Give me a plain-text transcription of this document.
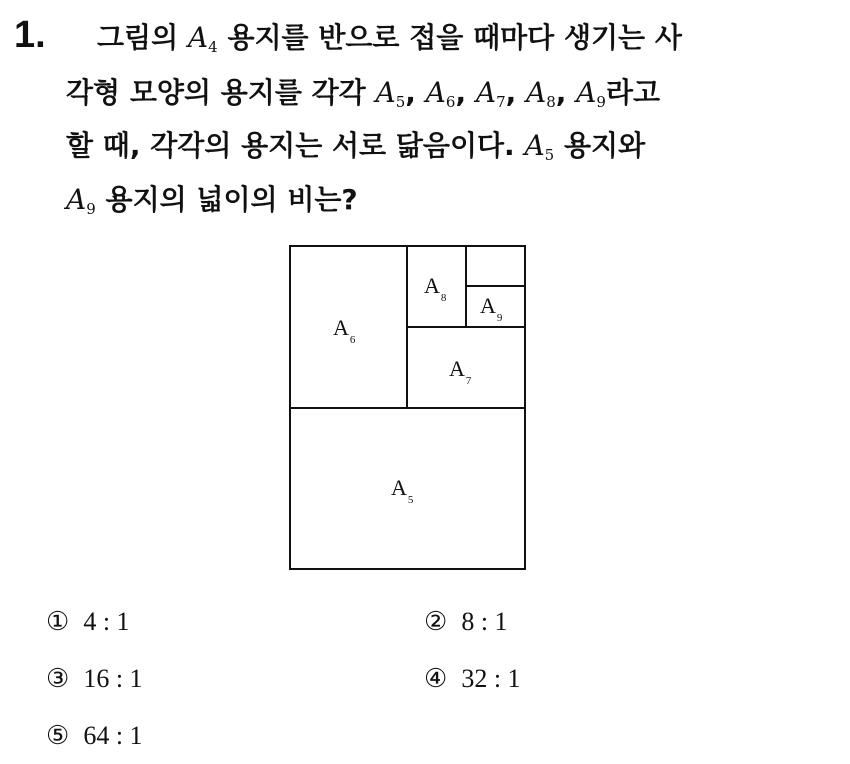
1. 그림의 $A_4$ 용지를 반으로 접을 때마다 생기는 사
각형 모양의 용지를 각각 $A_5$, $A_6$, $A_7$, $A_8$, $A_9$라고
할 때, 각각의 용지는 서로 닮음이다. $A_5$ 용지와
$A_9$ 용지의 넓이의 비는?
$A_5$
$A_6$
$A_7$
$A_8$ $A_9$
① 4 : 1	② 8 : 1
③ 16 : 1	④ 32 : 1
⑤ 64 : 1
